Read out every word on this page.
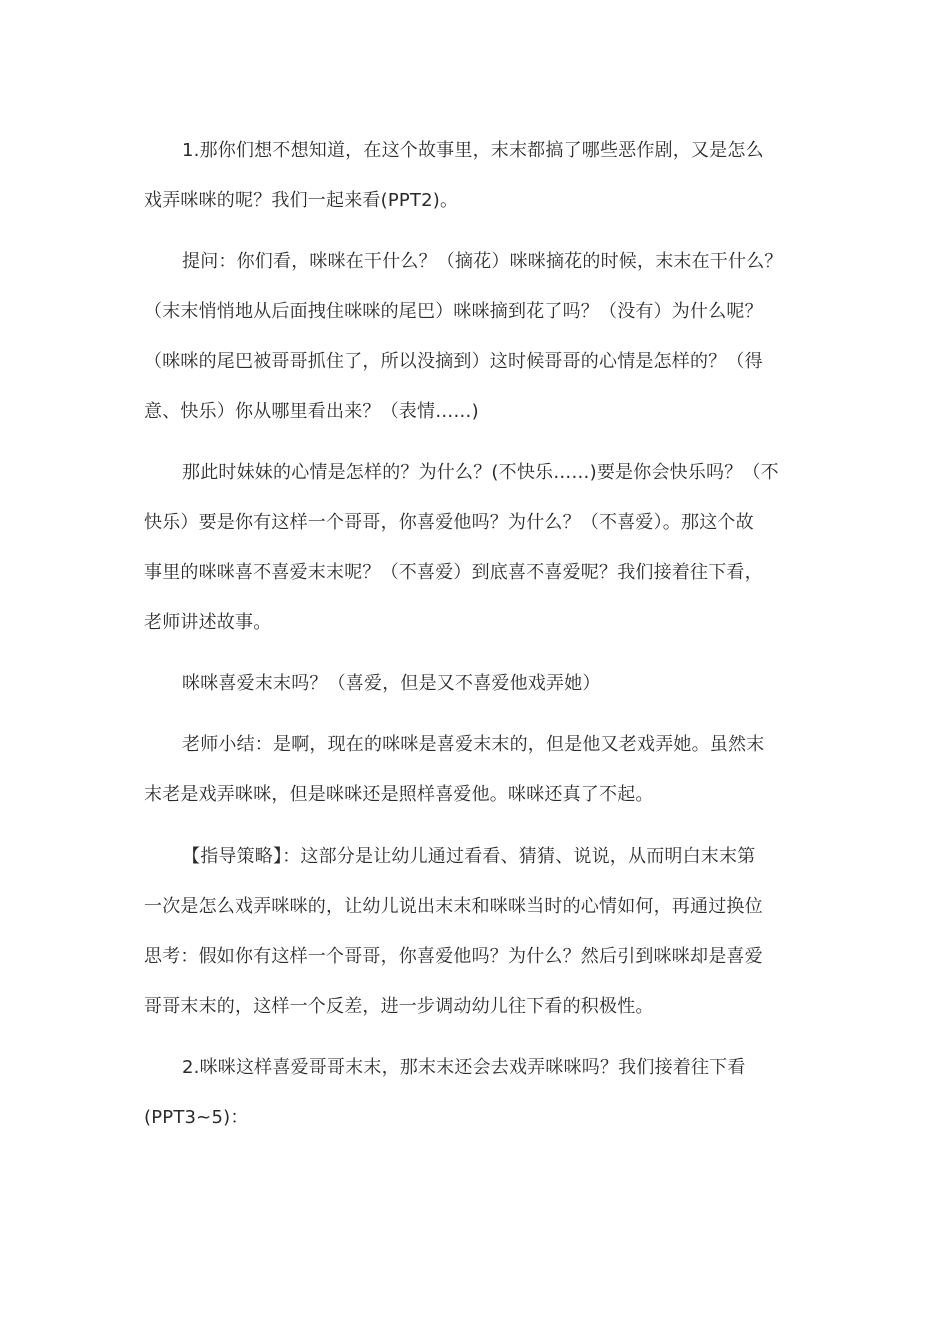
1.那你们想不想知道，在这个故事里，末末都搞了哪些恶作剧，又是怎么
戏弄咪咪的呢？我们一起来看(PPT2)。

提问：你们看，咪咪在干什么？（摘花）咪咪摘花的时候，末末在干什么？
（末末悄悄地从后面拽住咪咪的尾巴）咪咪摘到花了吗？（没有）为什么呢？
（咪咪的尾巴被哥哥抓住了，所以没摘到）这时候哥哥的心情是怎样的？（得
意、快乐）你从哪里看出来？（表情……)

那此时妹妹的心情是怎样的？为什么？(不快乐……)要是你会快乐吗？（不
快乐）要是你有这样一个哥哥，你喜爱他吗？为什么？（不喜爱）。那这个故
事里的咪咪喜不喜爱末末呢？（不喜爱）到底喜不喜爱呢？我们接着往下看，
老师讲述故事。

咪咪喜爱末末吗？（喜爱，但是又不喜爱他戏弄她）

老师小结：是啊，现在的咪咪是喜爱末末的，但是他又老戏弄她。虽然末
末老是戏弄咪咪，但是咪咪还是照样喜爱他。咪咪还真了不起。

【指导策略】：这部分是让幼儿通过看看、猜猜、说说，从而明白末末第
一次是怎么戏弄咪咪的，让幼儿说出末末和咪咪当时的心情如何，再通过换位
思考：假如你有这样一个哥哥，你喜爱他吗？为什么？然后引到咪咪却是喜爱
哥哥末末的，这样一个反差，进一步调动幼儿往下看的积极性。

2.咪咪这样喜爱哥哥末末，那末末还会去戏弄咪咪吗？我们接着往下看
(PPT3~5)：
